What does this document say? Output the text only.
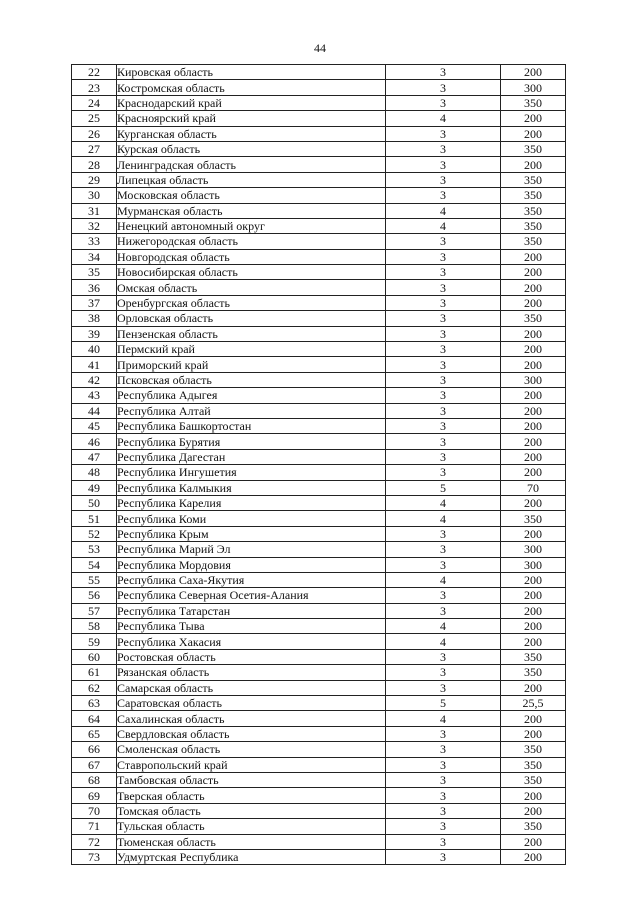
44
22	Кировская область	3	200
23	Костромская область	3	300
24	Краснодарский край	3	350
25	Красноярский край	4	200
26	Курганская область	3	200
27	Курская область	3	350
28	Ленинградская область	3	200
29	Липецкая область	3	350
30	Московская область	3	350
31	Мурманская область	4	350
32	Ненецкий автономный округ	4	350
33	Нижегородская область	3	350
34	Новгородская область	3	200
35	Новосибирская область	3	200
36	Омская область	3	200
37	Оренбургская область	3	200
38	Орловская область	3	350
39	Пензенская область	3	200
40	Пермский край	3	200
41	Приморский край	3	200
42	Псковская область	3	300
43	Республика Адыгея	3	200
44	Республика Алтай	3	200
45	Республика Башкортостан	3	200
46	Республика Бурятия	3	200
47	Республика Дагестан	3	200
48	Республика Ингушетия	3	200
49	Республика Калмыкия	5	70
50	Республика Карелия	4	200
51	Республика Коми	4	350
52	Республика Крым	3	200
53	Республика Марий Эл	3	300
54	Республика Мордовия	3	300
55	Республика Саха-Якутия	4	200
56	Республика Северная Осетия-Алания	3	200
57	Республика Татарстан	3	200
58	Республика Тыва	4	200
59	Республика Хакасия	4	200
60	Ростовская область	3	350
61	Рязанская область	3	350
62	Самарская область	3	200
63	Саратовская область	5	25,5
64	Сахалинская область	4	200
65	Свердловская область	3	200
66	Смоленская область	3	350
67	Ставропольский край	3	350
68	Тамбовская область	3	350
69	Тверская область	3	200
70	Томская область	3	200
71	Тульская область	3	350
72	Тюменская область	3	200
73	Удмуртская Республика	3	200
